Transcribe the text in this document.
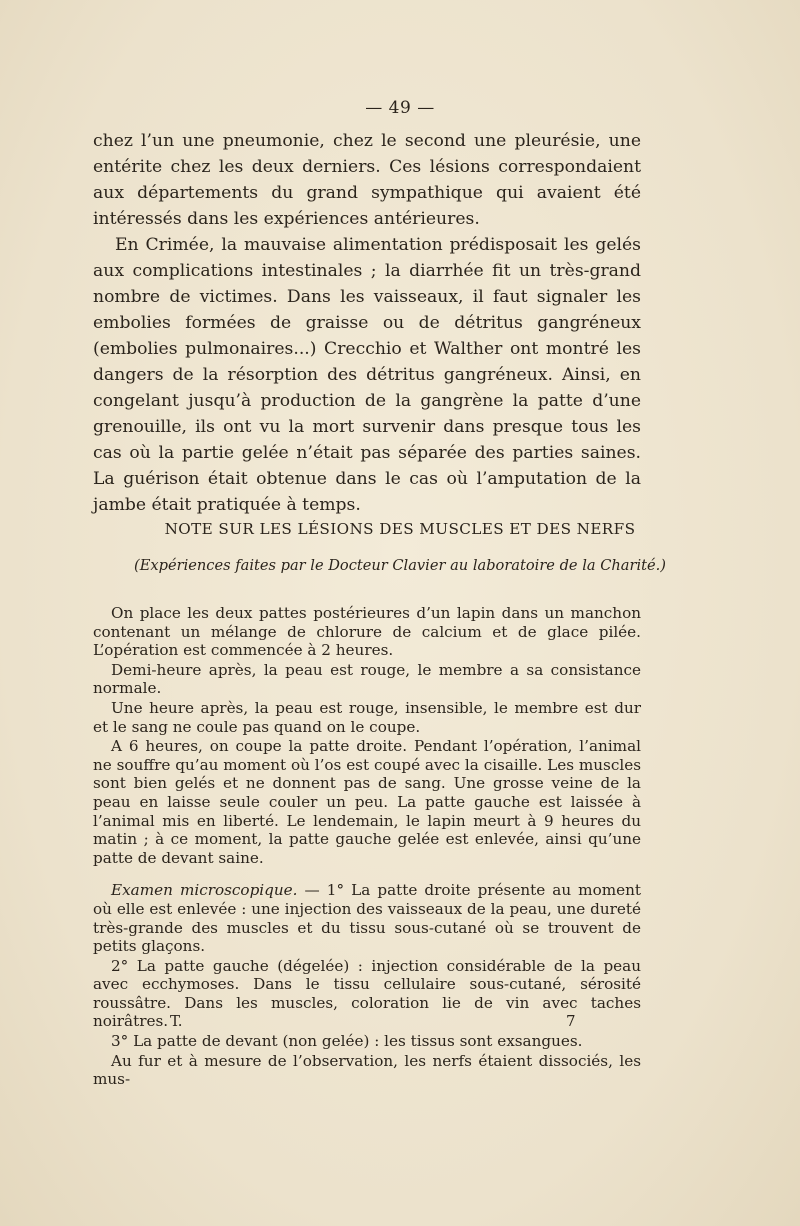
— 49 —

chez l’un une pneumonie, chez le second une pleurésie, une entérite chez les deux derniers. Ces lésions correspondaient aux départements du grand sympathique qui avaient été intéressés dans les expériences antérieures.

En Crimée, la mauvaise alimentation prédisposait les gelés aux complications intestinales ; la diarrhée fit un très-grand nombre de victimes. Dans les vaisseaux, il faut signaler les embolies formées de graisse ou de détritus gangréneux (embolies pulmonaires...) Crecchio et Walther ont montré les dangers de la résorption des détritus gangréneux. Ainsi, en congelant jusqu’à production de la gangrène la patte d’une grenouille, ils ont vu la mort survenir dans presque tous les cas où la partie gelée n’était pas séparée des parties saines. La guérison était obtenue dans le cas où l’amputation de la jambe était pratiquée à temps.

NOTE SUR LES LÉSIONS DES MUSCLES ET DES NERFS
(Expériences faites par le Docteur Clavier au laboratoire de la Charité.)

On place les deux pattes postérieures d’un lapin dans un manchon contenant un mélange de chlorure de calcium et de glace pilée. L’opération est commencée à 2 heures.

Demi-heure après, la peau est rouge, le membre a sa consistance normale.

Une heure après, la peau est rouge, insensible, le membre est dur et le sang ne coule pas quand on le coupe.

A 6 heures, on coupe la patte droite. Pendant l’opération, l’animal ne souffre qu’au moment où l’os est coupé avec la cisaille. Les muscles sont bien gelés et ne donnent pas de sang. Une grosse veine de la peau en laisse seule couler un peu. La patte gauche est laissée à l’animal mis en liberté. Le lendemain, le lapin meurt à 9 heures du matin ; à ce moment, la patte gauche gelée est enlevée, ainsi qu’une patte de devant saine.

Examen microscopique. — 1° La patte droite présente au moment où elle est enlevée : une injection des vaisseaux de la peau, une dureté très-grande des muscles et du tissu sous-cutané où se trouvent de petits glaçons.

2° La patte gauche (dégelée) : injection considérable de la peau avec ecchymoses. Dans le tissu cellulaire sous-cutané, sérosité roussâtre. Dans les muscles, coloration lie de vin avec taches noirâtres.

3° La patte de devant (non gelée) : les tissus sont exsangues.

Au fur et à mesure de l’observation, les nerfs étaient dissociés, les mus-

T.	7
